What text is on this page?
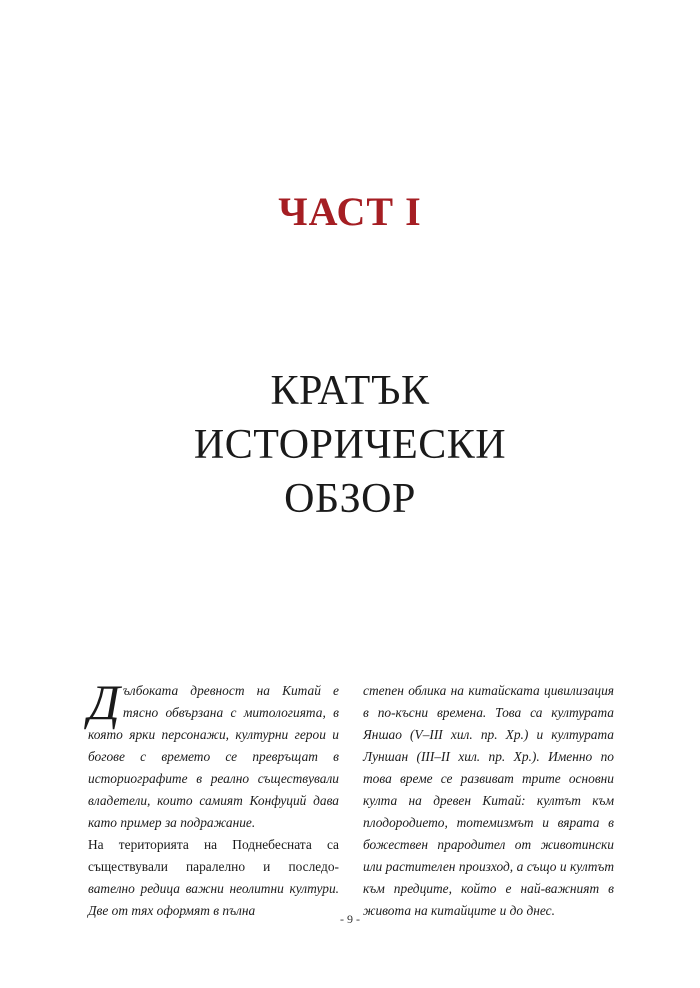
ЧАСТ I
КРАТЪК
ИСТОРИЧЕСКИ
ОБЗОР

Дълбоката древност на Китай е тясно обвързана с митологията, в която ярки персонажи, културни герои и богове с времето се превръщат в историографите в реално съществували владетели, които самият Конфуций дава като пример за подражание.

На територията на Поднебесната са съществували паралелно и последо-вателно редица важни неолитни култури. Две от тях оформят в пълна

степен облика на китайската цивилизация в по-късни времена. Това са културата Яншао (V–III хил. пр. Хр.) и културата Луншан (III–II хил. пр. Хр.). Именно по това време се развиват трите основни култа на древен Китай: култът към плодородието, тотемизмът и вярата в божествен прародител от животински или растителен произход, а също и култът към предците, който е най-важният в живота на китайците и до днес.

- 9 -
